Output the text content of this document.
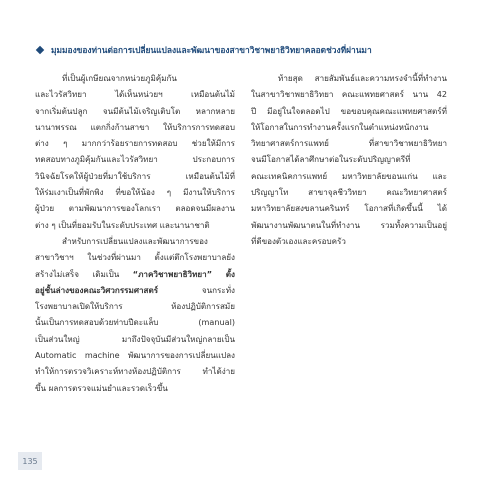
มุมมองของท่านต่อการเปลี่ยนแปลงและพัฒนาของสาขาวิชาพยาธิวิทยาคลอดช่วงที่ผ่านมา
ที่เป็นผู้เกษียณจากหน่วยภูมิคุ้มกัน
และไวรัสวิทยา ได้เห็นหน่วยฯ เหมือนต้นไม้
จากเริ่มต้นปลูก จนมีต้นไม้เจริญเติบโต หลากหลาย
นานาพรรณ แตกกิ่งก้านสาขา ให้บริการการทดสอบ
ต่าง ๆ มากกว่าร้อยรายการทดสอบ ช่วยให้มีการ
ทดสอบทางภูมิคุ้มกันและไวรัสวิทยา ประกอบการ
วินิจฉัยโรคให้ผู้ป่วยที่มาใช้บริการ เหมือนต้นไม้ที่
ให้ร่มเงาเป็นที่พักพิง ที่ขอให้น้อง ๆ มีงานให้บริการ
ผู้ป่วย ตามพัฒนาการของโลกเรา ตลอดจนมีผลงาน
ต่าง ๆ เป็นที่ยอมรับในระดับประเทศ และนานาชาติ
สำหรับการเปลี่ยนแปลงและพัฒนาการของ
สาขาวิชาฯ ในช่วงที่ผ่านมา ตั้งแต่ตึกโรงพยาบาลยัง
สร้างไม่เสร็จ เดิมเป็น “ภาควิชาพยาธิวิทยา” ตั้ง
อยู่ชั้นล่างของคณะวิศวกรรมศาสตร์ จนกระทั่ง
โรงพยาบาลเปิดให้บริการ ห้องปฏิบัติการสมัย
นั้นเป็นการทดสอบด้วยท่าบปีดะแล็บ (manual)
เป็นส่วนใหญ่ มาถึงปัจจุบันมีส่วนใหญ่กลายเป็น
Automatic machine พัฒนาการของการเปลี่ยนแปลง
ทำให้การตรวจวิเคราะห์ทางห้องปฏิบัติการ ทำได้ง่าย
ขึ้น ผลการตรวจแม่นยำและรวดเร็วขึ้น
ท้ายสุด สายสัมพันธ์และความทรงจำนี้ที่ทำงาน
ในสาขาวิชาพยาธิวิทยา คณะแพทยศาสตร์ นาน 42
ปี มีอยู่ในใจตลอดไป ขอขอบคุณคณะแพทยศาสตร์ที่
ให้โอกาสในการทำงานครั้งแรกในตำแหน่งหนักงาน
วิทยาศาสตร์การแพทย์ ที่สาขาวิชาพยาธิวิทยา
จนมีโอกาสได้ลาศึกษาต่อในระดับปริญญาตรีที่
คณะเทคนิคการแพทย์ มหาวิทยาลัยขอนแก่น และ
ปริญญาโท สาขาจุลชีววิทยา คณะวิทยาศาสตร์
มหาวิทยาลัยสงขลานครินทร์ โอกาสที่เกิดขึ้นนี้ ได้
พัฒนางานพัฒนาตนในที่ทำงาน รวมทั้งความเป็นอยู่
ที่ดีของตัวเองและครอบครัว
135
